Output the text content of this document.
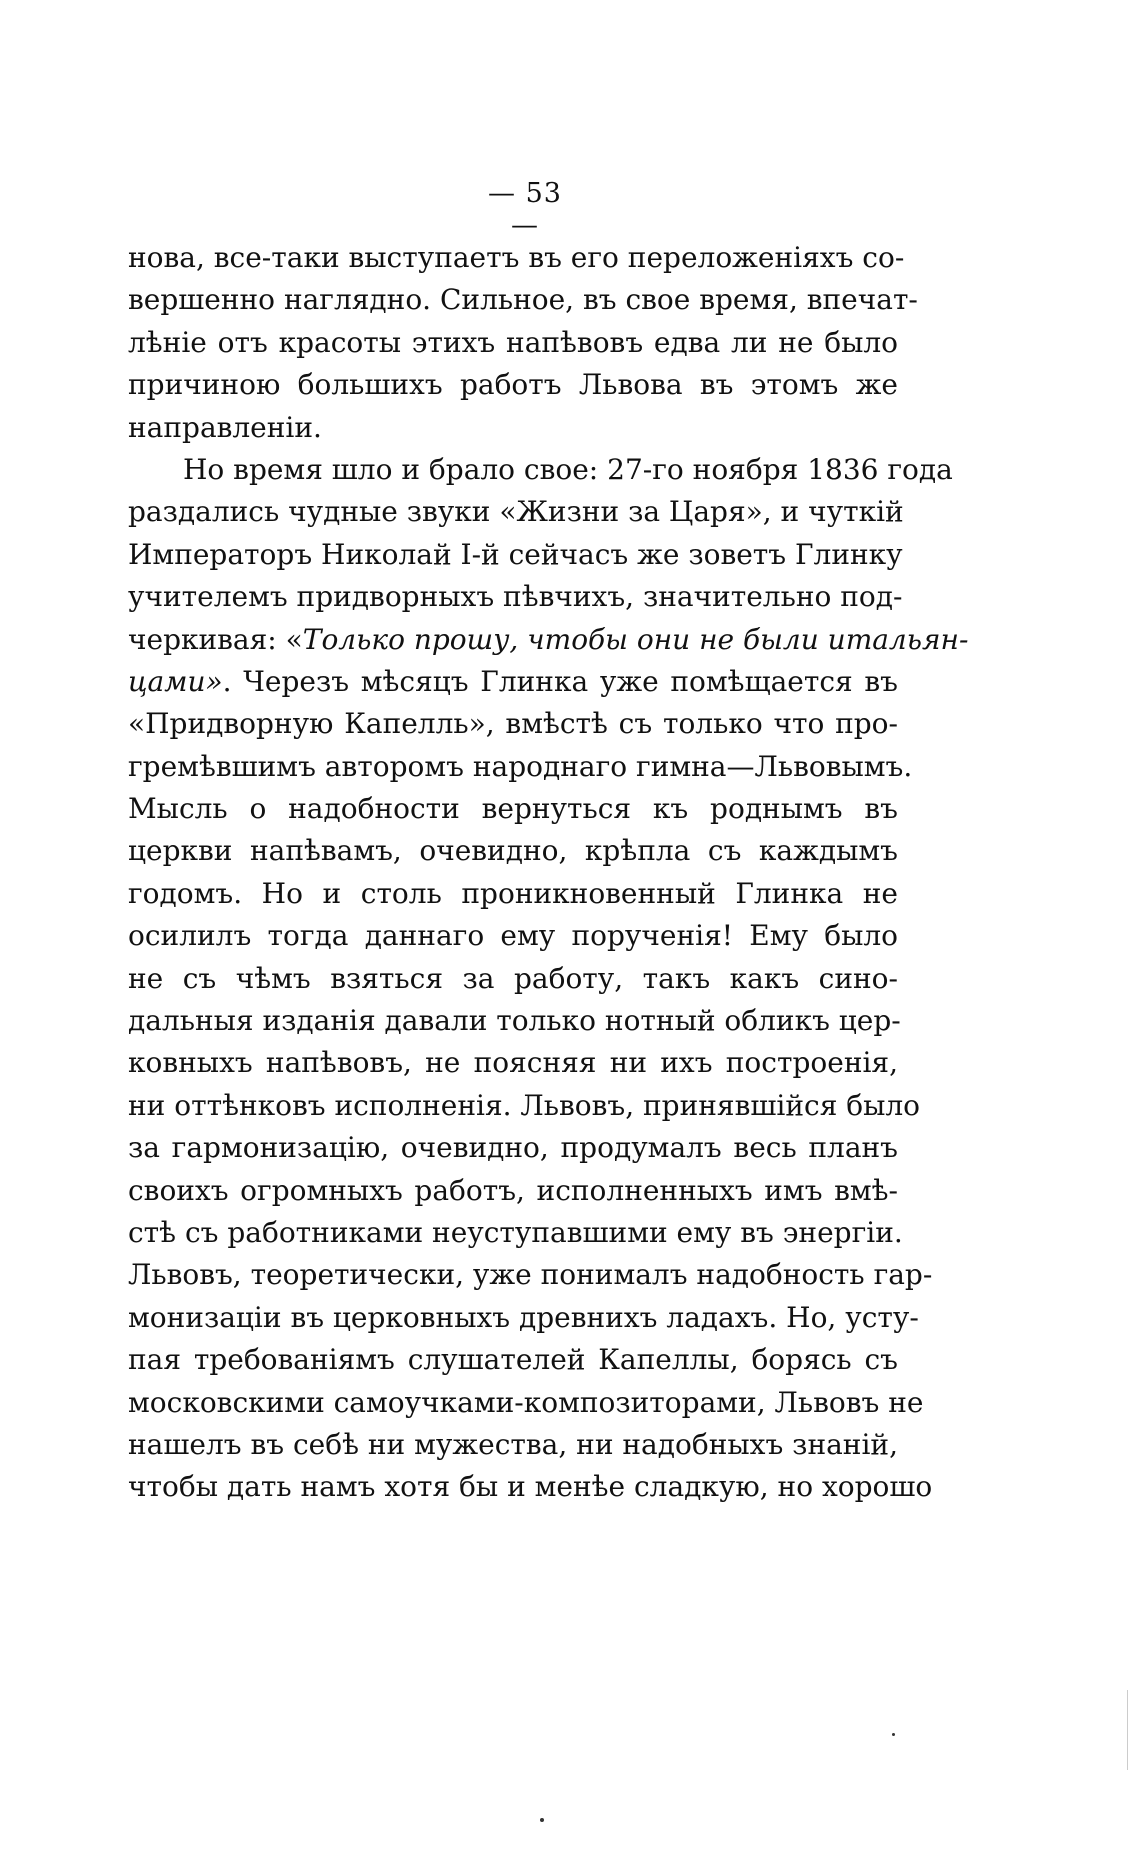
— 53 —
нова, все-таки выступаетъ въ его переложеніяхъ со-
вершенно наглядно. Сильное, въ свое время, впечат-
лѣніе отъ красоты этихъ напѣвовъ едва ли не было
причиною большихъ работъ Львова въ этомъ же
направленіи.
Но время шло и брало свое: 27-го ноября 1836 года
раздались чудные звуки «Жизни за Царя», и чуткій
Императоръ Николай I-й сейчасъ же зоветъ Глинку
учителемъ придворныхъ пѣвчихъ, значительно под-
черкивая: «Только прошу, чтобы они не были итальян-
цами». Черезъ мѣсяцъ Глинка уже помѣщается въ
«Придворную Капелль», вмѣстѣ съ только что про-
гремѣвшимъ авторомъ народнаго гимна—Львовымъ.
Мысль о надобности вернуться къ роднымъ въ
церкви напѣвамъ, очевидно, крѣпла съ каждымъ
годомъ. Но и столь проникновенный Глинка не
осилилъ тогда даннаго ему порученія! Ему было
не съ чѣмъ взяться за работу, такъ какъ сино-
дальныя изданія давали только нотный обликъ цер-
ковныхъ напѣвовъ, не поясняя ни ихъ построенія,
ни оттѣнковъ исполненія. Львовъ, принявшійся было
за гармонизацію, очевидно, продумалъ весь планъ
своихъ огромныхъ работъ, исполненныхъ имъ вмѣ-
стѣ съ работниками неуступавшими ему въ энергіи.
Львовъ, теоретически, уже понималъ надобность гар-
монизаціи въ церковныхъ древнихъ ладахъ. Но, усту-
пая требованіямъ слушателей Капеллы, борясь съ
московскими самоучками-композиторами, Львовъ не
нашелъ въ себѣ ни мужества, ни надобныхъ знаній,
чтобы дать намъ хотя бы и менѣе сладкую, но хорошо
